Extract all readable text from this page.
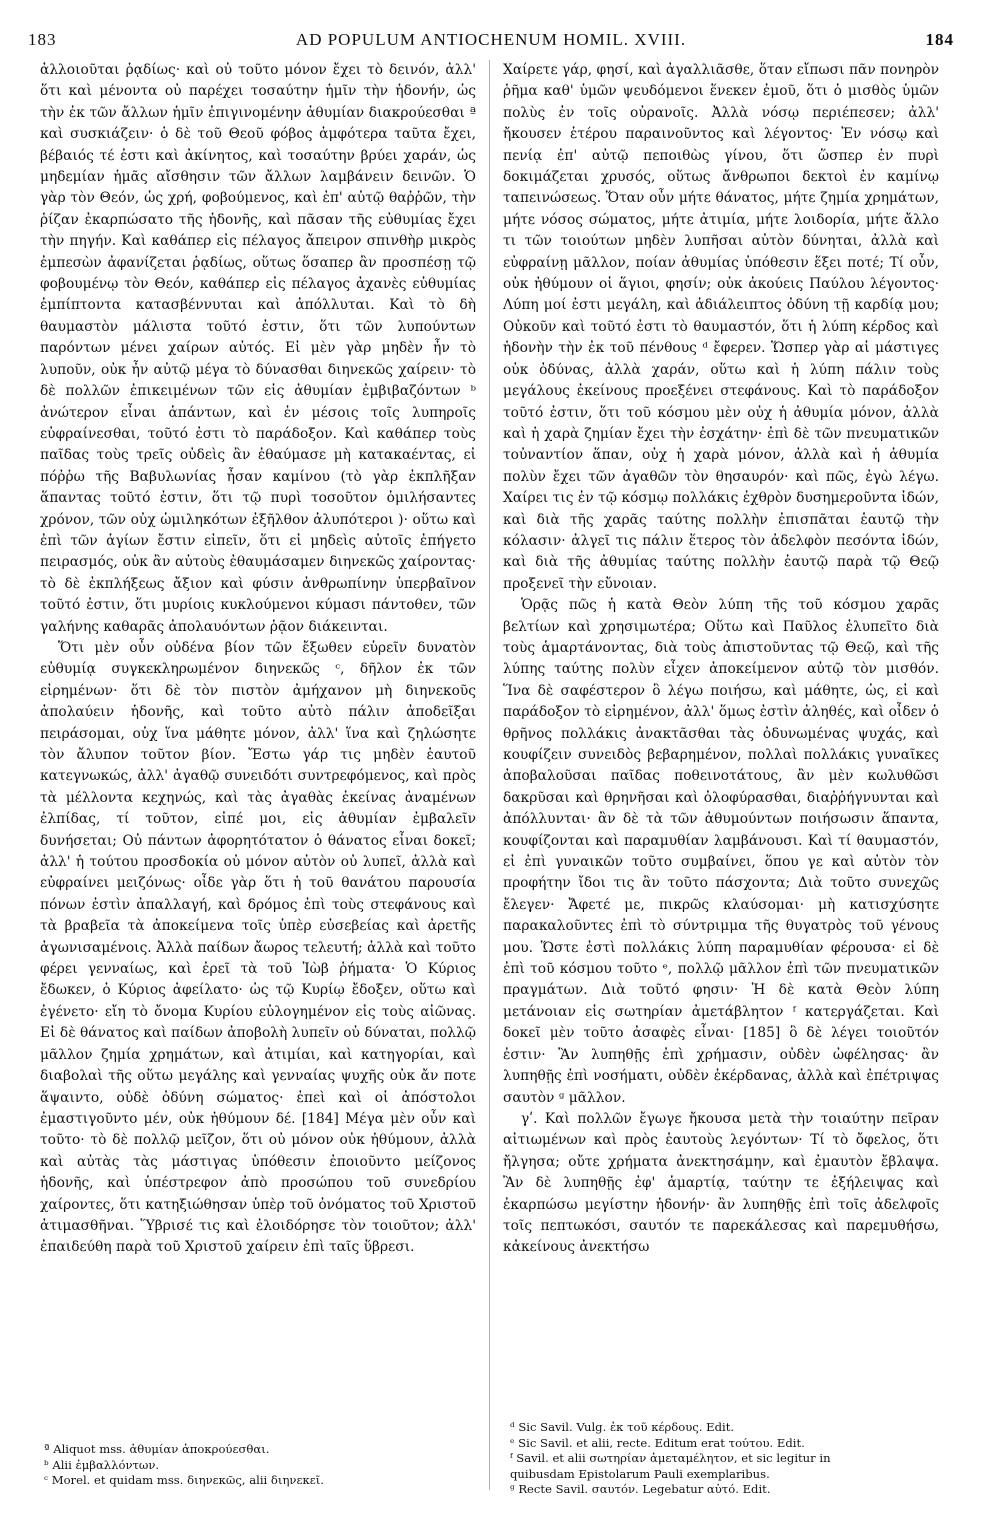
183	AD POPULUM ANTIOCHENUM HOMIL. XVIII.	184

ἀλλοιοῦται ῥᾳδίως· καὶ οὐ τοῦτο μόνον ἔχει τὸ δεινόν, ἀλλ' ὅτι καὶ μένοντα οὐ παρέχει τοσαύτην ἡμῖν τὴν ἡδονήν, ὡς τὴν ἐκ τῶν ἄλλων ἡμῖν ἐπιγινομένην ἀθυμίαν διακρούεσθαι ª καὶ συσκιάζειν· ὁ δὲ τοῦ Θεοῦ φόβος ἀμφότερα ταῦτα ἔχει, βέβαιός τέ ἐστι καὶ ἀκίνητος, καὶ τοσαύτην βρύει χαράν, ὡς μηδεμίαν ἡμᾶς αἴσθησιν τῶν ἄλλων λαμβάνειν δεινῶν. Ὁ γὰρ τὸν Θεόν, ὡς χρή, φοβούμενος, καὶ ἐπ' αὐτῷ θαῤῥῶν, τὴν ῥίζαν ἐκαρπώσατο τῆς ἡδονῆς, καὶ πᾶσαν τῆς εὐθυμίας ἔχει τὴν πηγήν. Καὶ καθάπερ εἰς πέλαγος ἄπειρον σπινθὴρ μικρὸς ἐμπεσὼν ἀφανίζεται ῥᾳδίως, οὕτως ὅσαπερ ἂν προσπέσῃ τῷ φοβουμένῳ τὸν Θεόν, καθάπερ εἰς πέλαγος ἀχανὲς εὐθυμίας ἐμπίπτοντα κατασβέννυται καὶ ἀπόλλυται. Καὶ τὸ δὴ θαυμαστὸν μάλιστα τοῦτό ἐστιν, ὅτι τῶν λυπούντων παρόντων μένει χαίρων αὐτός. Εἰ μὲν γὰρ μηδὲν ἦν τὸ λυποῦν, οὐκ ἦν αὐτῷ μέγα τὸ δύνασθαι διηνεκῶς χαίρειν· τὸ δὲ πολλῶν ἐπικειμένων τῶν εἰς ἀθυμίαν ἐμβιβαζόντων ᵇ ἀνώτερον εἶναι ἁπάντων, καὶ ἐν μέσοις τοῖς λυπηροῖς εὐφραίνεσθαι, τοῦτό ἐστι τὸ παράδοξον. Καὶ καθάπερ τοὺς παῖδας τοὺς τρεῖς οὐδεὶς ἂν ἐθαύμασε μὴ κατακαέντας, εἰ πόῤῥω τῆς Βαβυλωνίας ἦσαν καμίνου (τὸ γὰρ ἐκπλῆξαν ἅπαντας τοῦτό ἐστιν, ὅτι τῷ πυρὶ τοσοῦτον ὁμιλήσαντες χρόνον, τῶν οὐχ ὡμιληκότων ἐξῆλθον ἀλυπότεροι )· οὕτω καὶ ἐπὶ τῶν ἁγίων ἔστιν εἰπεῖν, ὅτι εἰ μηδεὶς αὐτοῖς ἐπήγετο πειρασμός, οὐκ ἂν αὐτοὺς ἐθαυμάσαμεν διηνεκῶς χαίροντας· τὸ δὲ ἐκπλήξεως ἄξιον καὶ φύσιν ἀνθρωπίνην ὑπερβαῖνον τοῦτό ἐστιν, ὅτι μυρίοις κυκλούμενοι κύμασι πάντοθεν, τῶν γαλήνης καθαρᾶς ἀπολαυόντων ῥᾷον διάκεινται.

Ὅτι μὲν οὖν οὐδένα βίον τῶν ἔξωθεν εὑρεῖν δυνατὸν εὐθυμίᾳ συγκεκληρωμένον διηνεκῶς ᶜ, δῆλον ἐκ τῶν εἰρημένων· ὅτι δὲ τὸν πιστὸν ἀμήχανον μὴ διηνεκοῦς ἀπολαύειν ἡδονῆς, καὶ τοῦτο αὐτὸ πάλιν ἀποδεῖξαι πειράσομαι, οὐχ ἵνα μάθητε μόνον, ἀλλ' ἵνα καὶ ζηλώσητε τὸν ἄλυπον τοῦτον βίον. Ἔστω γάρ τις μηδὲν ἑαυτοῦ κατεγνωκώς, ἀλλ' ἀγαθῷ συνειδότι συντρεφόμενος, καὶ πρὸς τὰ μέλλοντα κεχηνώς, καὶ τὰς ἀγαθὰς ἐκείνας ἀναμένων ἐλπίδας, τί τοῦτον, εἰπέ μοι, εἰς ἀθυμίαν ἐμβαλεῖν δυνήσεται; Οὐ πάντων ἀφορητότατον ὁ θάνατος εἶναι δοκεῖ; ἀλλ' ἡ τούτου προσδοκία οὐ μόνον αὐτὸν οὐ λυπεῖ, ἀλλὰ καὶ εὐφραίνει μειζόνως· οἶδε γὰρ ὅτι ἡ τοῦ θανάτου παρουσία πόνων ἐστὶν ἀπαλλαγή, καὶ δρόμος ἐπὶ τοὺς στεφάνους καὶ τὰ βραβεῖα τὰ ἀποκείμενα τοῖς ὑπὲρ εὐσεβείας καὶ ἀρετῆς ἀγωνισαμένοις. Ἀλλὰ παίδων ἄωρος τελευτή; ἀλλὰ καὶ τοῦτο φέρει γενναίως, καὶ ἐρεῖ τὰ τοῦ Ἰὼβ ῥήματα· Ὁ Κύριος ἔδωκεν, ὁ Κύριος ἀφείλατο· ὡς τῷ Κυρίῳ ἔδοξεν, οὕτω καὶ ἐγένετο· εἴη τὸ ὄνομα Κυρίου εὐλογημένον εἰς τοὺς αἰῶνας. Εἰ δὲ θάνατος καὶ παίδων ἀποβολὴ λυπεῖν οὐ δύναται, πολλῷ μᾶλλον ζημία χρημάτων, καὶ ἀτιμίαι, καὶ κατηγορίαι, καὶ διαβολαὶ τῆς οὕτω μεγάλης καὶ γενναίας ψυχῆς οὐκ ἄν ποτε ἅψαιντο, οὐδὲ ὀδύνη σώματος· ἐπεὶ καὶ οἱ ἀπόστολοι ἐμαστιγοῦντο μέν, οὐκ ἠθύμουν δέ. [184] Μέγα μὲν οὖν καὶ τοῦτο· τὸ δὲ πολλῷ μεῖζον, ὅτι οὐ μόνον οὐκ ἠθύμουν, ἀλλὰ καὶ αὐτὰς τὰς μάστιγας ὑπόθεσιν ἐποιοῦντο μείζονος ἡδονῆς, καὶ ὑπέστρεφον ἀπὸ προσώπου τοῦ συνεδρίου χαίροντες, ὅτι κατηξιώθησαν ὑπὲρ τοῦ ὀνόματος τοῦ Χριστοῦ ἀτιμασθῆναι. Ὕβρισέ τις καὶ ἐλοιδόρησε τὸν τοιοῦτον; ἀλλ' ἐπαιδεύθη παρὰ τοῦ Χριστοῦ χαίρειν ἐπὶ ταῖς ὕβρεσι.

Χαίρετε γάρ, φησί, καὶ ἀγαλλιᾶσθε, ὅταν εἴπωσι πᾶν πονηρὸν ῥῆμα καθ' ὑμῶν ψευδόμενοι ἕνεκεν ἐμοῦ, ὅτι ὁ μισθὸς ὑμῶν πολὺς ἐν τοῖς οὐρανοῖς. Ἀλλὰ νόσῳ περιέπεσεν; ἀλλ' ἤκουσεν ἑτέρου παραινοῦντος καὶ λέγοντος· Ἐν νόσῳ καὶ πενίᾳ ἐπ' αὐτῷ πεποιθὼς γίνου, ὅτι ὥσπερ ἐν πυρὶ δοκιμάζεται χρυσός, οὕτως ἄνθρωποι δεκτοὶ ἐν καμίνῳ ταπεινώσεως. Ὅταν οὖν μήτε θάνατος, μήτε ζημία χρημάτων, μήτε νόσος σώματος, μήτε ἀτιμία, μήτε λοιδορία, μήτε ἄλλο τι τῶν τοιούτων μηδὲν λυπῆσαι αὐτὸν δύνηται, ἀλλὰ καὶ εὐφραίνῃ μᾶλλον, ποίαν ἀθυμίας ὑπόθεσιν ἕξει ποτέ; Τί οὖν, οὐκ ἠθύμουν οἱ ἅγιοι, φησίν; οὐκ ἀκούεις Παύλου λέγοντος· Λύπη μοί ἐστι μεγάλη, καὶ ἀδιάλειπτος ὀδύνη τῇ καρδίᾳ μου; Οὐκοῦν καὶ τοῦτό ἐστι τὸ θαυμαστόν, ὅτι ἡ λύπη κέρδος καὶ ἡδονὴν τὴν ἐκ τοῦ πένθους ᵈ ἔφερεν. Ὥσπερ γὰρ αἱ μάστιγες οὐκ ὀδύνας, ἀλλὰ χαράν, οὕτω καὶ ἡ λύπη πάλιν τοὺς μεγάλους ἐκείνους προεξένει στεφάνους. Καὶ τὸ παράδοξον τοῦτό ἐστιν, ὅτι τοῦ κόσμου μὲν οὐχ ἡ ἀθυμία μόνον, ἀλλὰ καὶ ἡ χαρὰ ζημίαν ἔχει τὴν ἐσχάτην· ἐπὶ δὲ τῶν πνευματικῶν τοὐναντίον ἅπαν, οὐχ ἡ χαρὰ μόνον, ἀλλὰ καὶ ἡ ἀθυμία πολὺν ἔχει τῶν ἀγαθῶν τὸν θησαυρόν· καὶ πῶς, ἐγὼ λέγω. Χαίρει τις ἐν τῷ κόσμῳ πολλάκις ἐχθρὸν δυσημεροῦντα ἰδών, καὶ διὰ τῆς χαρᾶς ταύτης πολλὴν ἐπισπᾶται ἑαυτῷ τὴν κόλασιν· ἀλγεῖ τις πάλιν ἕτερος τὸν ἀδελφὸν πεσόντα ἰδών, καὶ διὰ τῆς ἀθυμίας ταύτης πολλὴν ἑαυτῷ παρὰ τῷ Θεῷ προξενεῖ τὴν εὔνοιαν.

Ὁρᾷς πῶς ἡ κατὰ Θεὸν λύπη τῆς τοῦ κόσμου χαρᾶς βελτίων καὶ χρησιμωτέρα; Οὕτω καὶ Παῦλος ἐλυπεῖτο διὰ τοὺς ἁμαρτάνοντας, διὰ τοὺς ἀπιστοῦντας τῷ Θεῷ, καὶ τῆς λύπης ταύτης πολὺν εἶχεν ἀποκείμενον αὐτῷ τὸν μισθόν. Ἵνα δὲ σαφέστερον ὃ λέγω ποιήσω, καὶ μάθητε, ὡς, εἰ καὶ παράδοξον τὸ εἰρημένον, ἀλλ' ὅμως ἐστὶν ἀληθές, καὶ οἶδεν ὁ θρῆνος πολλάκις ἀνακτᾶσθαι τὰς ὀδυνωμένας ψυχάς, καὶ κουφίζειν συνειδὸς βεβαρημένον, πολλαὶ πολλάκις γυναῖκες ἀποβαλοῦσαι παῖδας ποθεινοτάτους, ἂν μὲν κωλυθῶσι δακρῦσαι καὶ θρηνῆσαι καὶ ὀλοφύρασθαι, διαῤῥήγνυνται καὶ ἀπόλλυνται· ἂν δὲ τὰ τῶν ἀθυμούντων ποιήσωσιν ἅπαντα, κουφίζονται καὶ παραμυθίαν λαμβάνουσι. Καὶ τί θαυμαστόν, εἰ ἐπὶ γυναικῶν τοῦτο συμβαίνει, ὅπου γε καὶ αὐτὸν τὸν προφήτην ἴδοι τις ἂν τοῦτο πάσχοντα; Διὰ τοῦτο συνεχῶς ἔλεγεν· Ἄφετέ με, πικρῶς κλαύσομαι· μὴ κατισχύσητε παρακαλοῦντες ἐπὶ τὸ σύντριμμα τῆς θυγατρὸς τοῦ γένους μου. Ὥστε ἐστὶ πολλάκις λύπη παραμυθίαν φέρουσα· εἰ δὲ ἐπὶ τοῦ κόσμου τοῦτο ᵉ, πολλῷ μᾶλλον ἐπὶ τῶν πνευματικῶν πραγμάτων. Διὰ τοῦτό φησιν· Ἡ δὲ κατὰ Θεὸν λύπη μετάνοιαν εἰς σωτηρίαν ἀμετάβλητον ᶠ κατεργάζεται. Καὶ δοκεῖ μὲν τοῦτο ἀσαφὲς εἶναι· [185] ὃ δὲ λέγει τοιοῦτόν ἐστιν· Ἂν λυπηθῇς ἐπὶ χρήμασιν, οὐδὲν ὠφέλησας· ἂν λυπηθῇς ἐπὶ νοσήματι, οὐδὲν ἐκέρδανας, ἀλλὰ καὶ ἐπέτριψας σαυτὸν ᵍ μᾶλλον.

γʹ. Καὶ πολλῶν ἔγωγε ἤκουσα μετὰ τὴν τοιαύτην πεῖραν αἰτιωμένων καὶ πρὸς ἑαυτοὺς λεγόντων· Τί τὸ ὄφελος, ὅτι ἤλγησα; οὔτε χρήματα ἀνεκτησάμην, καὶ ἐμαυτὸν ἔβλαψα. Ἂν δὲ λυπηθῇς ἐφ' ἁμαρτίᾳ, ταύτην τε ἐξήλειψας καὶ ἐκαρπώσω μεγίστην ἡδονήν· ἂν λυπηθῇς ἐπὶ τοῖς ἀδελφοῖς τοῖς πεπτωκόσι, σαυτόν τε παρεκάλεσας καὶ παρεμυθήσω, κἀκείνους ἀνεκτήσω

ª Aliquot mss. ἀθυμίαν ἀποκρούεσθαι.
ᵇ Alii ἐμβαλλόντων.
ᶜ Morel. et quidam mss. διηνεκῶς, alii διηνεκεῖ.
ᵈ Sic Savil. Vulg. ἐκ τοῦ κέρδους. Edit.
ᵉ Sic Savil. et alii, recte. Editum erat τούτου. Edit.
ᶠ Savil. et alii σωτηρίαν ἀμεταμέλητον, et sic legitur in
quibusdam Epistolarum Pauli exemplaribus.
ᵍ Recte Savil. σαυτόν. Legebatur αὐτό. Edit.
